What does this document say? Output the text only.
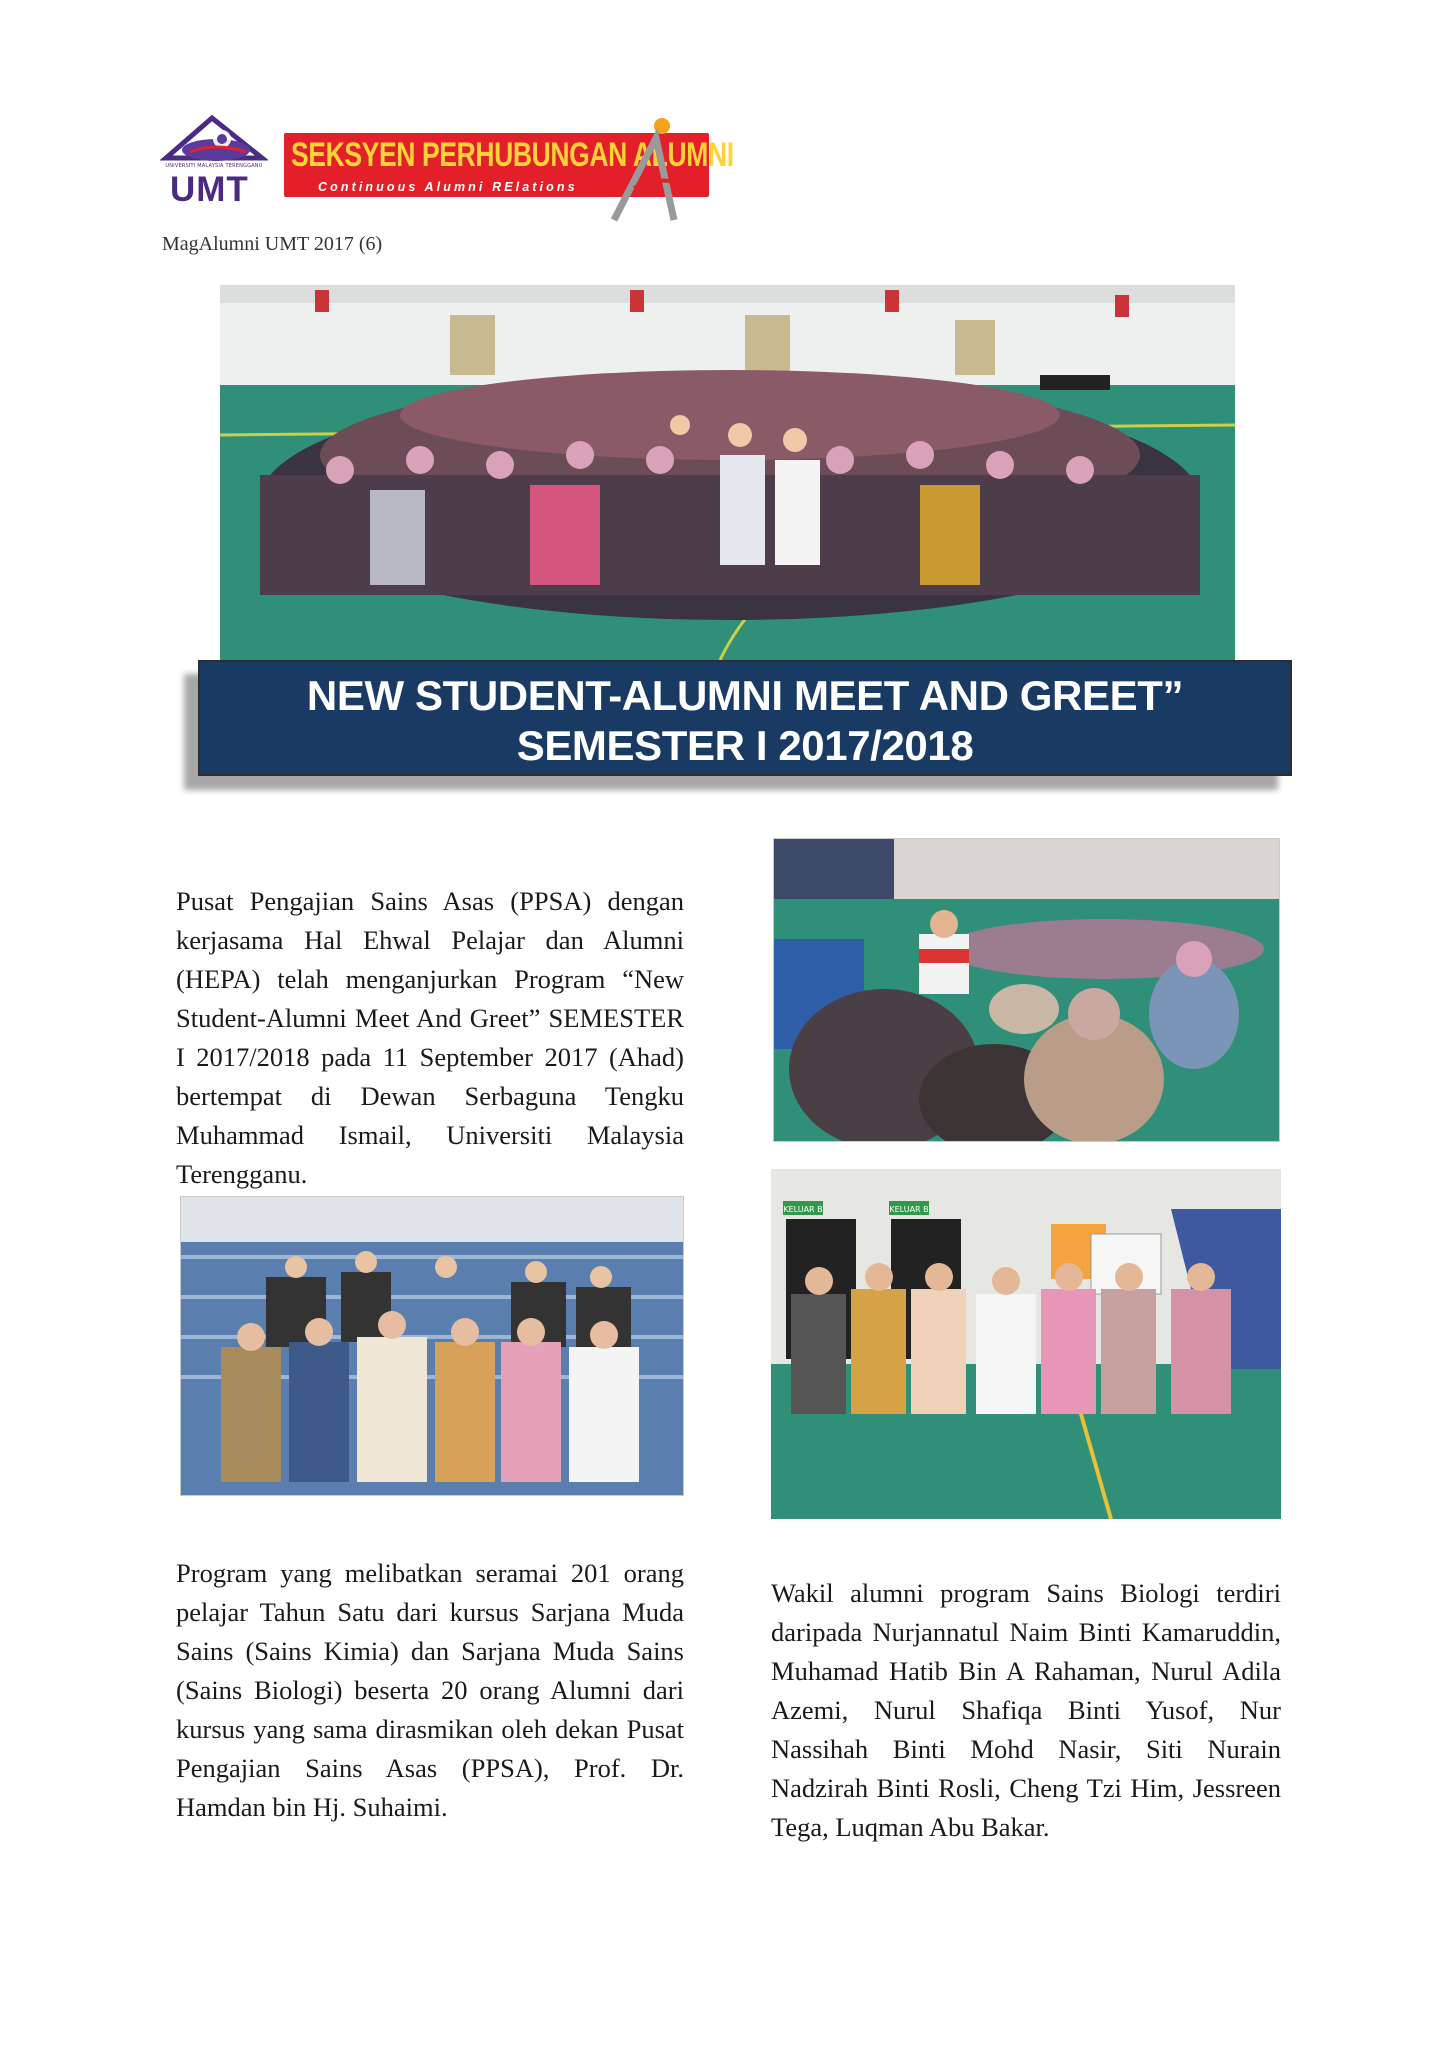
UNIVERSITI MALAYSIA TERENGGANU
UMT
SEKSYEN PERHUBUNGAN ALUMNI
Continuous Alumni RElations
MagAlumni UMT 2017 (6)
NEW STUDENT-ALUMNI MEET AND GREET”
SEMESTER I 2017/2018

Pusat Pengajian Sains Asas (PPSA) dengan kerjasama Hal Ehwal Pelajar dan Alumni (HEPA) telah menganjurkan Program “New Student-Alumni Meet And Greet” SEMESTER I 2017/2018 pada 11 September 2017 (Ahad) bertempat di Dewan Serbaguna Tengku Muhammad Ismail, Universiti Malaysia Terengganu.

KELUAR B	KELUAR B

Program yang melibatkan seramai 201 orang pelajar Tahun Satu dari kursus Sarjana Muda Sains (Sains Kimia) dan Sarjana Muda Sains (Sains Biologi) beserta 20 orang Alumni dari kursus yang sama dirasmikan oleh dekan Pusat Pengajian Sains Asas (PPSA), Prof. Dr. Hamdan bin Hj. Suhaimi.

Wakil alumni program Sains Biologi terdiri daripada Nurjannatul Naim Binti Kamaruddin, Muhamad Hatib Bin A Rahaman, Nurul Adila Azemi, Nurul Shafiqa Binti Yusof, Nur Nassihah Binti Mohd Nasir, Siti Nurain Nadzirah Binti Rosli, Cheng Tzi Him, Jessreen Tega, Luqman Abu Bakar.
